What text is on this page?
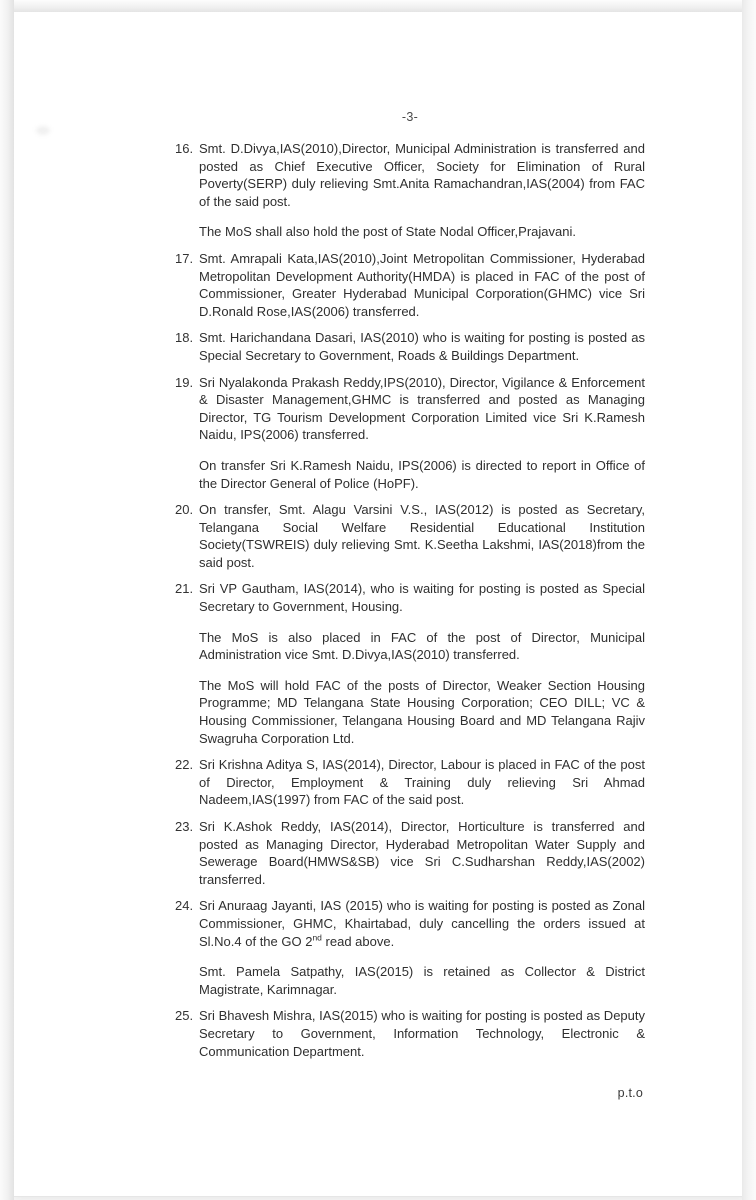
-3-
16. Smt. D.Divya,IAS(2010),Director, Municipal Administration is transferred and posted as Chief Executive Officer, Society for Elimination of Rural Poverty(SERP) duly relieving Smt.Anita Ramachandran,IAS(2004) from FAC of the said post.

The MoS shall also hold the post of State Nodal Officer,Prajavani.

17. Smt. Amrapali Kata,IAS(2010),Joint Metropolitan Commissioner, Hyderabad Metropolitan Development Authority(HMDA) is placed in FAC of the post of Commissioner, Greater Hyderabad Municipal Corporation(GHMC) vice Sri D.Ronald Rose,IAS(2006) transferred.

18. Smt. Harichandana Dasari, IAS(2010) who is waiting for posting is posted as Special Secretary to Government, Roads & Buildings Department.

19. Sri Nyalakonda Prakash Reddy,IPS(2010), Director, Vigilance & Enforcement & Disaster Management,GHMC is transferred and posted as Managing Director, TG Tourism Development Corporation Limited vice Sri K.Ramesh Naidu, IPS(2006) transferred.

On transfer Sri K.Ramesh Naidu, IPS(2006) is directed to report in Office of the Director General of Police (HoPF).

20. On transfer, Smt. Alagu Varsini V.S., IAS(2012) is posted as Secretary, Telangana Social Welfare Residential Educational Institution Society(TSWREIS) duly relieving Smt. K.Seetha Lakshmi, IAS(2018)from the said post.

21. Sri VP Gautham, IAS(2014), who is waiting for posting is posted as Special Secretary to Government, Housing.

The MoS is also placed in FAC of the post of Director, Municipal Administration vice Smt. D.Divya,IAS(2010) transferred.

The MoS will hold FAC of the posts of Director, Weaker Section Housing Programme; MD Telangana State Housing Corporation; CEO DILL; VC & Housing Commissioner, Telangana Housing Board and MD Telangana Rajiv Swagruha Corporation Ltd.

22. Sri Krishna Aditya S, IAS(2014), Director, Labour is placed in FAC of the post of Director, Employment & Training duly relieving Sri Ahmad Nadeem,IAS(1997) from FAC of the said post.

23. Sri K.Ashok Reddy, IAS(2014), Director, Horticulture is transferred and posted as Managing Director, Hyderabad Metropolitan Water Supply and Sewerage Board(HMWS&SB) vice Sri C.Sudharshan Reddy,IAS(2002) transferred.

24. Sri Anuraag Jayanti, IAS (2015) who is waiting for posting is posted as Zonal Commissioner, GHMC, Khairtabad, duly cancelling the orders issued at Sl.No.4 of the GO 2nd read above.

Smt. Pamela Satpathy, IAS(2015) is retained as Collector & District Magistrate, Karimnagar.

25. Sri Bhavesh Mishra, IAS(2015) who is waiting for posting is posted as Deputy Secretary to Government, Information Technology, Electronic & Communication Department.

p.t.o
